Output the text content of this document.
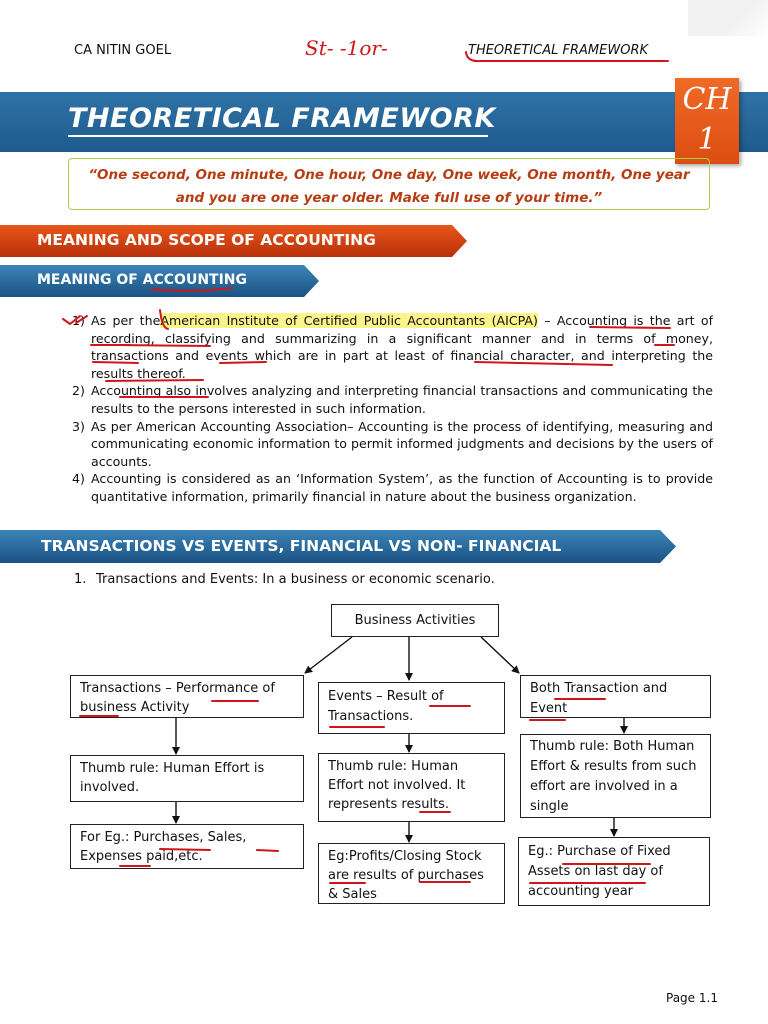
CA NITIN GOEL	St- -1or-	THEORETICAL FRAMEWORK
THEORETICAL FRAMEWORK
CH
1
“One second, One minute, One hour, One day, One week, One month, One year
and you are one year older. Make full use of your time.”
MEANING AND SCOPE OF ACCOUNTING
MEANING OF ACCOUNTING
1) As per theAmerican Institute of Certified Public Accountants (AICPA) – Accounting is the art of recording, classifying and summarizing in a significant manner and in terms of money, transactions and events which are in part at least of financial character, and interpreting the results thereof.
2) Accounting also involves analyzing and interpreting financial transactions and communicating the results to the persons interested in such information.
3) As per American Accounting Association– Accounting is the process of identifying, measuring and communicating economic information to permit informed judgments and decisions by the users of accounts.
4) Accounting is considered as an ‘Information System’, as the function of Accounting is to provide quantitative information, primarily financial in nature about the business organization.
TRANSACTIONS VS EVENTS, FINANCIAL VS NON- FINANCIAL
1. Transactions and Events: In a business or economic scenario.
Business Activities
Transactions – Performance of business Activity
Thumb rule: Human Effort is involved.
For Eg.: Purchases, Sales, Expenses paid,etc.
Events – Result of Transactions.
Thumb rule: Human Effort not involved. It represents results.
Eg:Profits/Closing Stock are results of purchases & Sales
Both Transaction and Event
Thumb rule: Both Human Effort & results from such effort are involved in a single
Eg.: Purchase of Fixed Assets on last day of accounting year
Page 1.1
